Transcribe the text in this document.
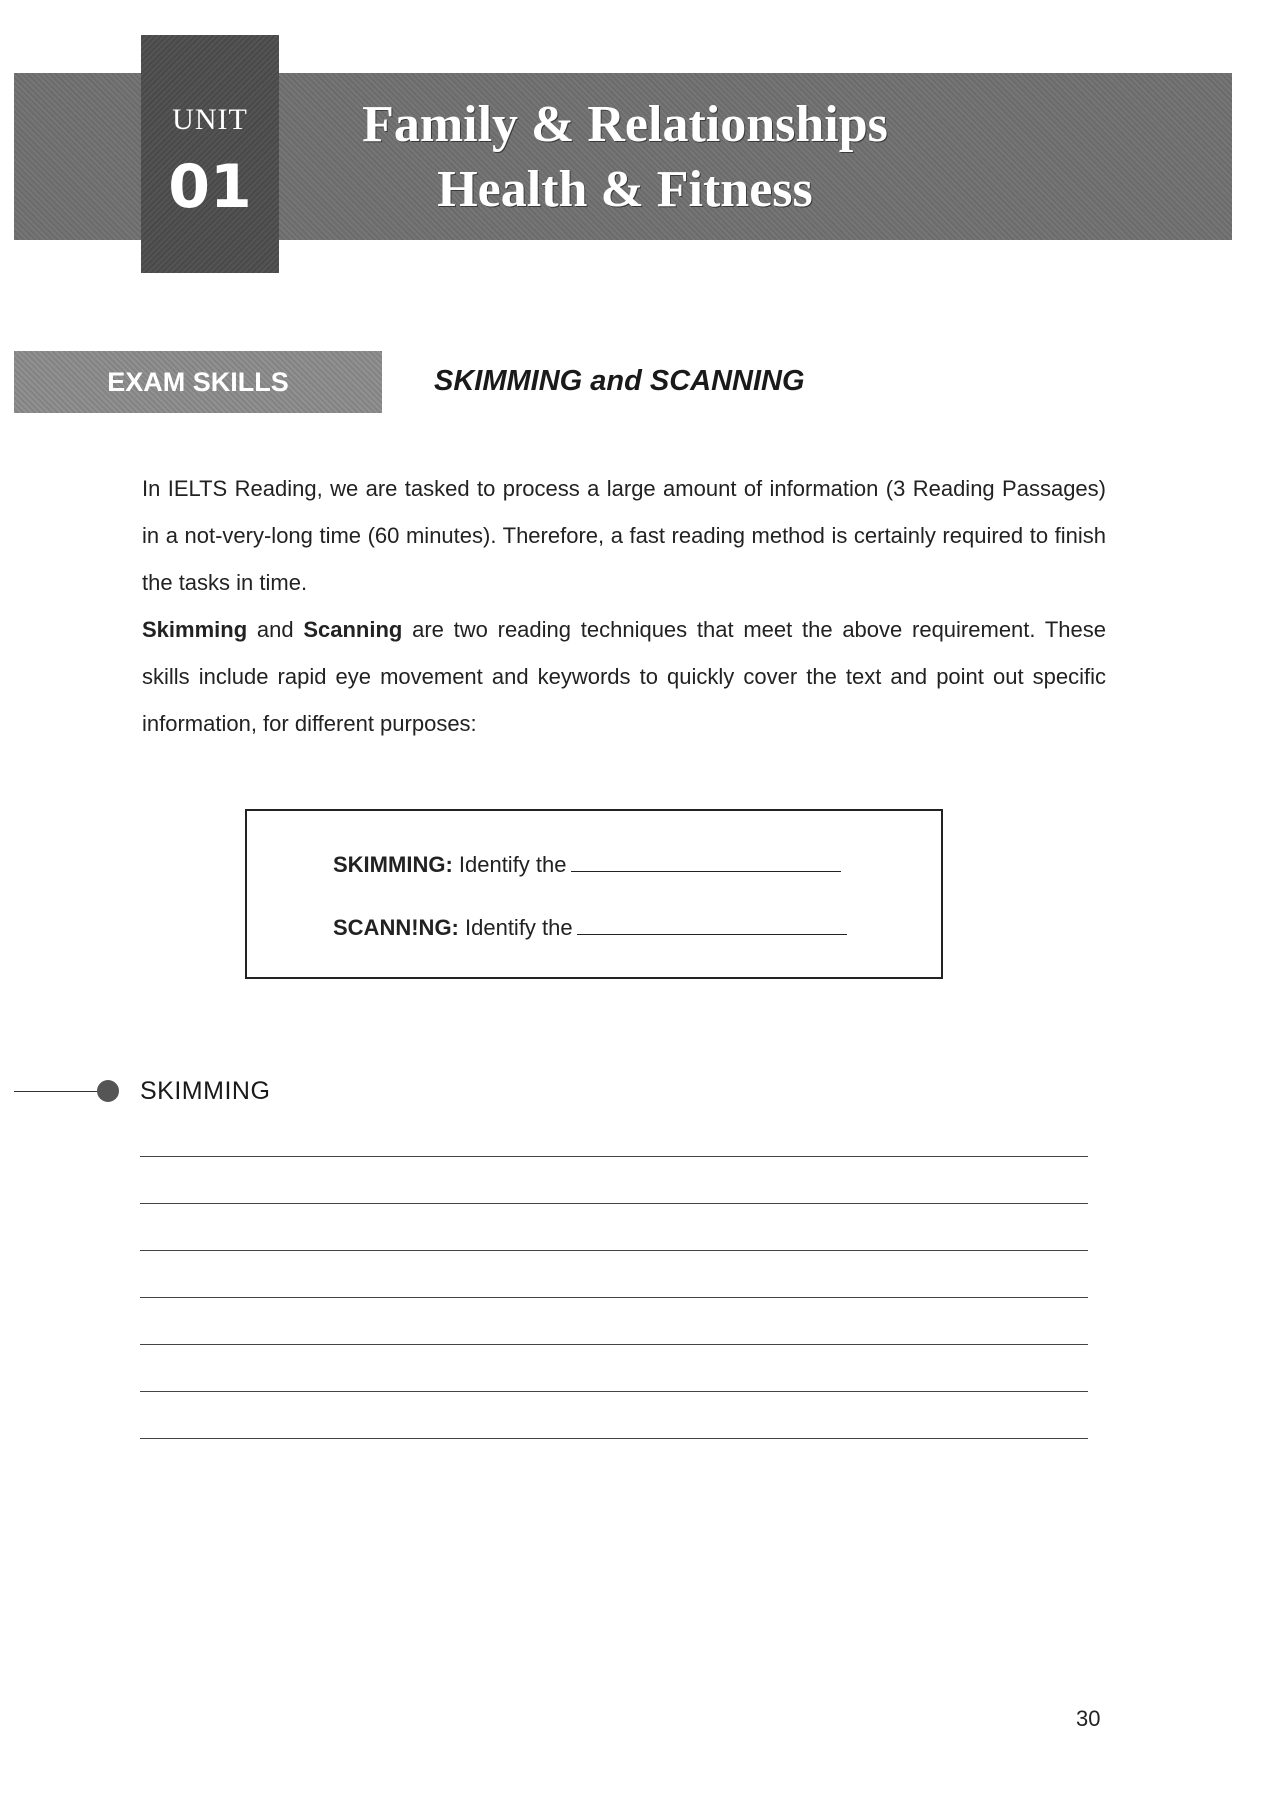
UNIT
01
Family & Relationships
Health & Fitness
EXAM SKILLS	SKIMMING and SCANNING

In IELTS Reading, we are tasked to process a large amount of information (3 Reading Passages) in a not-very-long time (60 minutes). Therefore, a fast reading method is certainly required to finish the tasks in time.

Skimming and Scanning are two reading techniques that meet the above requirement. These skills include rapid eye movement and keywords to quickly cover the text and point out specific information, for different purposes:

SKIMMING: Identify the
SCANN!NG: Identify the
SKIMMING
30
